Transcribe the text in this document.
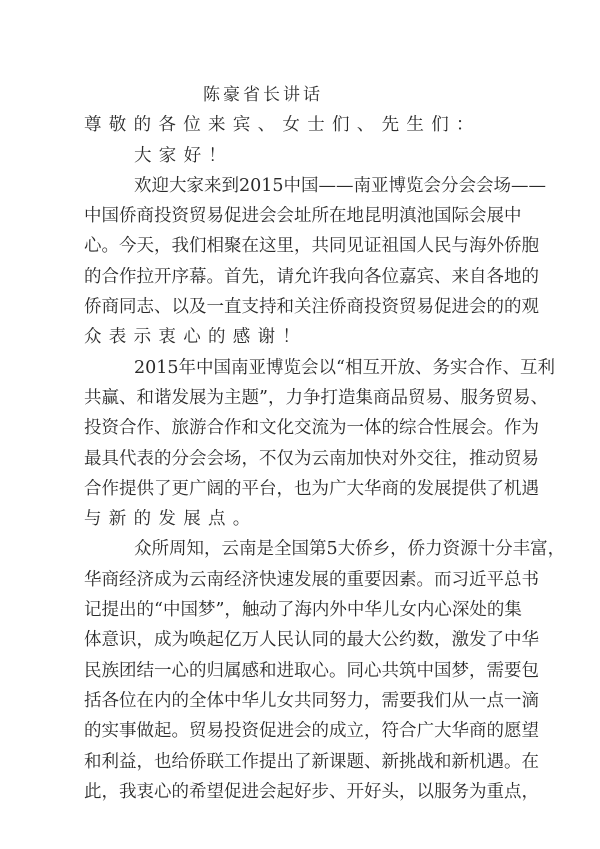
陈豪省长讲话
尊敬的各位来宾、女士们、先生们：
大家好！
欢迎大家来到2015中国——南亚博览会分会会场——
中国侨商投资贸易促进会会址所在地昆明滇池国际会展中
心。今天，我们相聚在这里，共同见证祖国人民与海外侨胞
的合作拉开序幕。首先，请允许我向各位嘉宾、来自各地的
侨商同志、以及一直支持和关注侨商投资贸易促进会的的观
众表示衷心的感谢！
2015年中国南亚博览会以“相互开放、务实合作、互利
共赢、和谐发展为主题”，力争打造集商品贸易、服务贸易、
投资合作、旅游合作和文化交流为一体的综合性展会。作为
最具代表的分会会场，不仅为云南加快对外交往，推动贸易
合作提供了更广阔的平台，也为广大华商的发展提供了机遇
与新的发展点。
众所周知，云南是全国第5大侨乡，侨力资源十分丰富，
华商经济成为云南经济快速发展的重要因素。而习近平总书
记提出的“中国梦”，触动了海内外中华儿女内心深处的集
体意识，成为唤起亿万人民认同的最大公约数，激发了中华
民族团结一心的归属感和进取心。同心共筑中国梦，需要包
括各位在内的全体中华儿女共同努力，需要我们从一点一滴
的实事做起。贸易投资促进会的成立，符合广大华商的愿望
和利益，也给侨联工作提出了新课题、新挑战和新机遇。在
此，我衷心的希望促进会起好步、开好头，以服务为重点，
